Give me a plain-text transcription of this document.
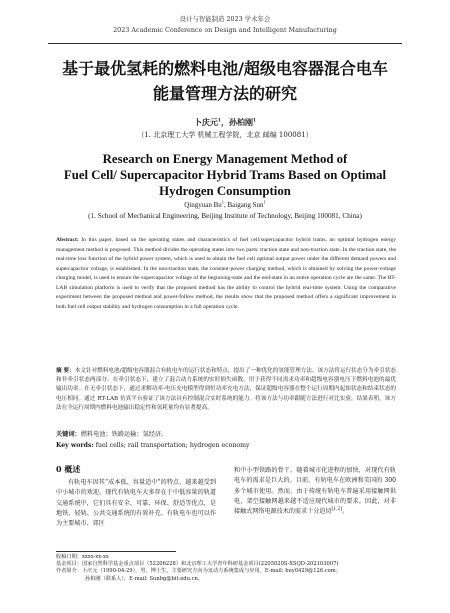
设计与智能制造 2023 学术年会
2023 Academic Conference on Design and Intelligent Manufacturing
基于最优氢耗的燃料电池/超级电容器混合电车
能量管理方法的研究
卜庆元$^1$，孙柏刚$^1$
（1. 北京理工大学 机械工程学院，北京 邮编 100081）
Research on Energy Management Method of
Fuel Cell/ Supercapacitor Hybrid Trams Based on Optimal
Hydrogen Consumption
Qingyuan Bu$^1$, Baigang Sun$^1$
(1. School of Mechanical Engineering, Beijing Institute of Technology, Beijing 100081, China)
Abstract: In this paper, based on the operating states and characteristics of fuel cell/supercapacitor hybrid trams, an optimal hydrogen energy management method is proposed. This method divides the operating states into two parts: traction state and non-traction state. In the traction state, the real-time loss function of the hybrid power system, which is used to obtain the fuel cell optimal output power under the different demand powers and supercapacitor voltage, is established. In the non-traction state, the constant-power charging method, which is obtained by solving the power-voltage charging model, is used to ensure the supercapacitor voltage of the beginning-state and the end-state in an entire operation cycle are the same. The RT-LAB simulation platform is used to verify that the proposed method has the ability to control the hybrid real-time system. Using the comparative experiment between the proposed method and power-follow method, the results show that the proposed method offers a significant improvement in both fuel cell output stability and hydrogen consumption in a full operation cycle.
摘 要：本文针对燃料电池/超级电容器混合有轨电车的运行状态和特点，提出了一种优化的氢能管理方法。该方法将运行状态分为牵引状态和非牵引状态两部分。在牵引状态下，建立了混合动力系统的实时损失函数，用于获得不同需求功率和超级电容器电压下燃料电池的最优输出功率。在无牵引状态下，通过求解功率-电压充电模型得到恒功率充电方法，保证超级电容器在整个运行周期内起始状态和结束状态的电压相同。通过 RT-LAB 仿真平台验证了该方法具有控制混合实时系统的能力。将该方法与功率跟随方法进行对比实验，结果表明，该方法在全运行周期内燃料电池输出稳定性和氢耗量均有显著提高。
关键词：燃料电池；铁路运输；氢经济。
Key words: fuel cells; rail transportation; hydrogen economy
0 概述

有轨电车因其“成本低、容量适中”的特点，越来越受到中小城市的欢迎。现代有轨电车大多存在于中低容量的轨道交通系统中，它们具有安全、可靠、环保、舒适等优点，是地铁、轻轨、公共交通系统的有效补充。有轨电车也可以作为主要城市、郊区

和中小型铁路的骨干。随着城市化进程的加快，对现代有轨电车的需求是巨大的。目前，有轨电车在欧洲和美国的 300 多个城市使用。然而，由于传统有轨电车普遍采用接触网供电，架空接触网越来越不适应现代城市的要求。因此，对非接触式网络电源技术的需求十分迫切[1,2]。

收稿日期：xxxx-xx-xx
基金项目：国家自然科学基金重点项目（52206228）和北京理工大学青年科研基金项目(2205020S-XSQD-202103007)
作者简介：卜庆元（1990-04-29），男，博士生，主要研究方向为氢动力系统集成与应用。E-mail: buy0429@126.com；
孙柏刚（联系人），E-mail: Sunbg@bit.edu.cn。
